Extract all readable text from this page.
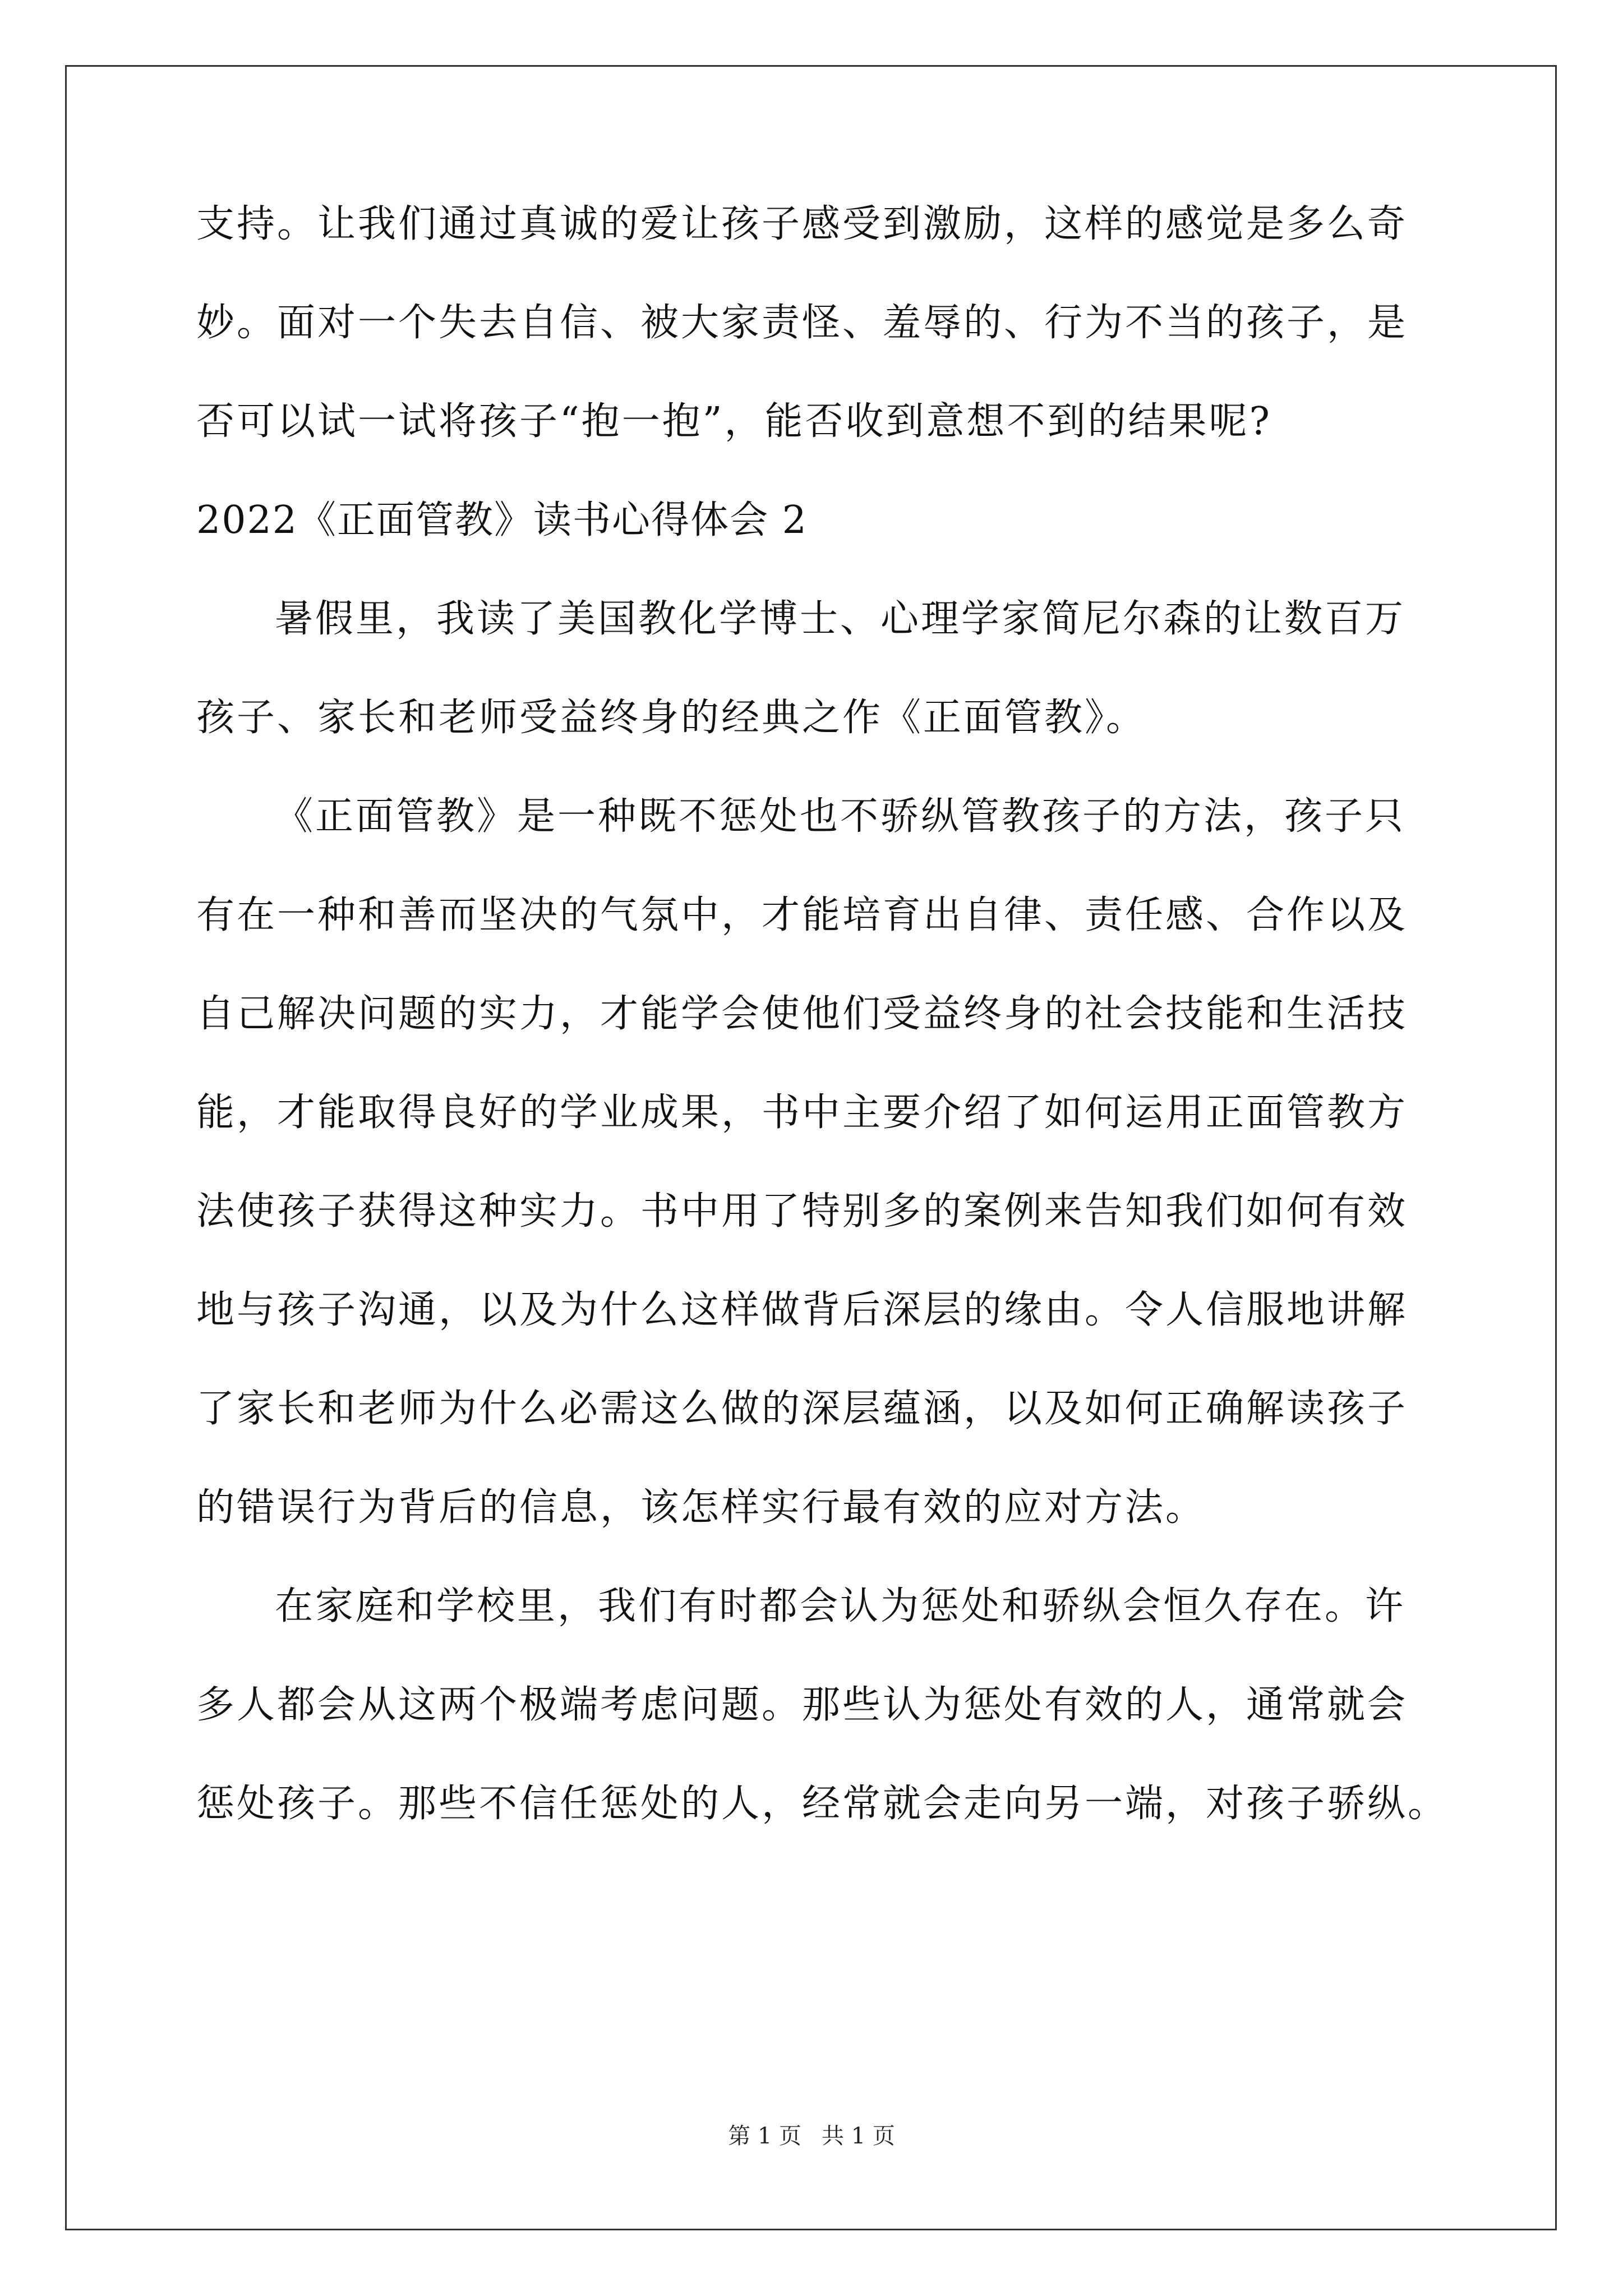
支持。让我们通过真诚的爱让孩子感受到激励，这样的感觉是多么奇
妙。面对一个失去自信、被大家责怪、羞辱的、行为不当的孩子，是
否可以试一试将孩子“抱一抱”，能否收到意想不到的结果呢?
2022《正面管教》读书心得体会 2
暑假里，我读了美国教化学博士、心理学家简尼尔森的让数百万
孩子、家长和老师受益终身的经典之作《正面管教》。
《正面管教》是一种既不惩处也不骄纵管教孩子的方法，孩子只
有在一种和善而坚决的气氛中，才能培育出自律、责任感、合作以及
自己解决问题的实力，才能学会使他们受益终身的社会技能和生活技
能，才能取得良好的学业成果，书中主要介绍了如何运用正面管教方
法使孩子获得这种实力。书中用了特别多的案例来告知我们如何有效
地与孩子沟通，以及为什么这样做背后深层的缘由。令人信服地讲解
了家长和老师为什么必需这么做的深层蕴涵，以及如何正确解读孩子
的错误行为背后的信息，该怎样实行最有效的应对方法。
在家庭和学校里，我们有时都会认为惩处和骄纵会恒久存在。许
多人都会从这两个极端考虑问题。那些认为惩处有效的人，通常就会
惩处孩子。那些不信任惩处的人，经常就会走向另一端，对孩子骄纵。
第 1 页 共 1 页
